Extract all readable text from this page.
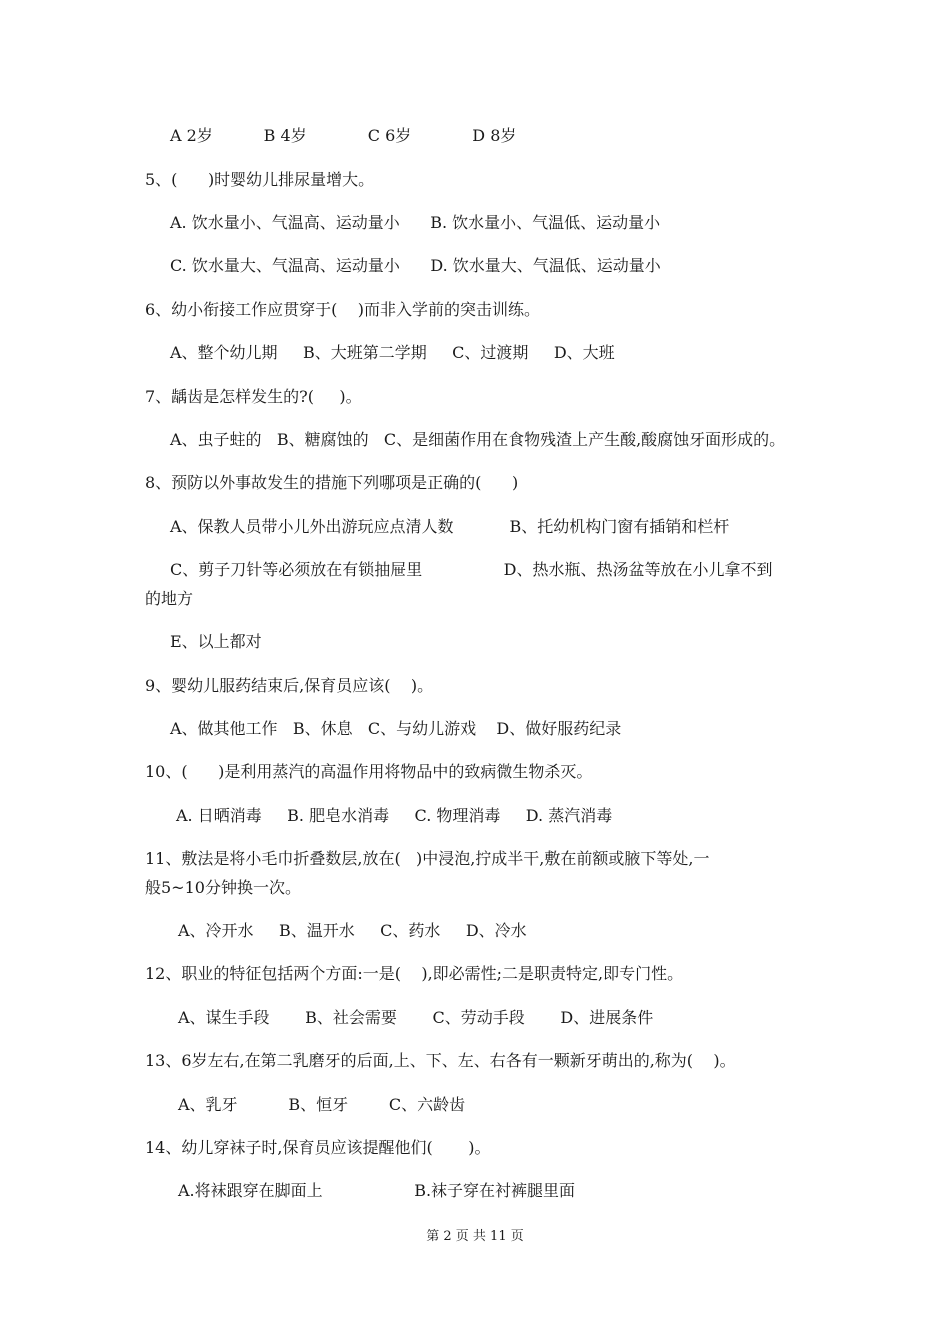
A 2岁          B 4岁            C 6岁            D 8岁
5、(      )时婴幼儿排尿量增大。
A. 饮水量小、气温高、运动量小      B. 饮水量小、气温低、运动量小
C. 饮水量大、气温高、运动量小      D. 饮水量大、气温低、运动量小
6、幼小衔接工作应贯穿于(    )而非入学前的突击训练。
A、整个幼儿期     B、大班第二学期     C、过渡期     D、大班
7、龋齿是怎样发生的?(     )。
A、虫子蛀的   B、糖腐蚀的   C、是细菌作用在食物残渣上产生酸,酸腐蚀牙面形成的。
8、预防以外事故发生的措施下列哪项是正确的(      )
A、保教人员带小儿外出游玩应点清人数           B、托幼机构门窗有插销和栏杆
C、剪子刀针等必须放在有锁抽屉里                D、热水瓶、热汤盆等放在小儿拿不到
的地方
E、以上都对
9、婴幼儿服药结束后,保育员应该(    )。
A、做其他工作   B、休息   C、与幼儿游戏    D、做好服药纪录
10、(      )是利用蒸汽的高温作用将物品中的致病微生物杀灭。
A. 日晒消毒     B. 肥皂水消毒     C. 物理消毒     D. 蒸汽消毒
11、敷法是将小毛巾折叠数层,放在(   )中浸泡,拧成半干,敷在前额或腋下等处,一
般5~10分钟换一次。
A、冷开水     B、温开水     C、药水     D、冷水
12、职业的特征包括两个方面:一是(    ),即必需性;二是职责特定,即专门性。
A、谋生手段       B、社会需要       C、劳动手段       D、进展条件
13、6岁左右,在第二乳磨牙的后面,上、下、左、右各有一颗新牙萌出的,称为(    )。
A、乳牙          B、恒牙        C、六龄齿
14、幼儿穿袜子时,保育员应该提醒他们(       )。
A.将袜跟穿在脚面上                  B.袜子穿在衬裤腿里面
第 2 页 共 11 页
